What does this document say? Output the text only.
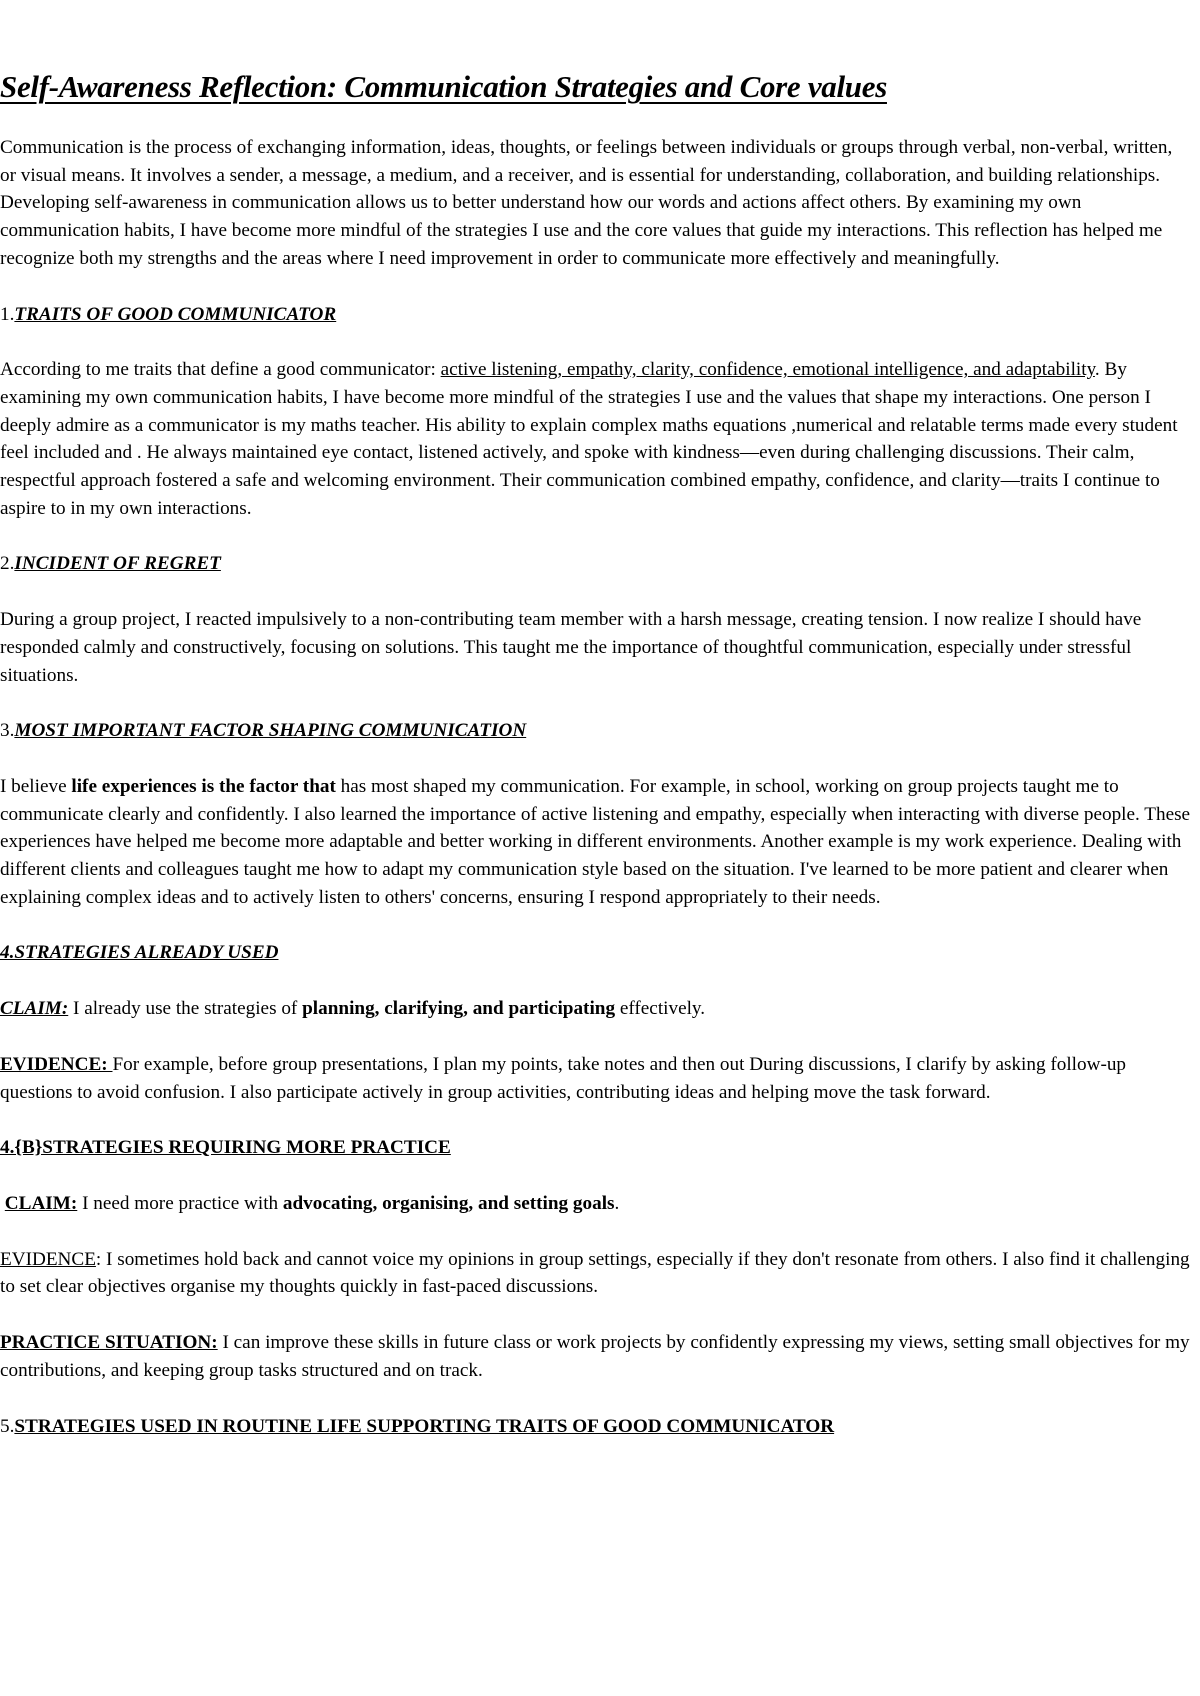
Self-Awareness Reflection: Communication Strategies and Core values

Communication is the process of exchanging information, ideas, thoughts, or feelings between individuals or groups through verbal, non-verbal, written, or visual means. It involves a sender, a message, a medium, and a receiver, and is essential for understanding, collaboration, and building relationships. Developing self-awareness in communication allows us to better understand how our words and actions affect others. By examining my own communication habits, I have become more mindful of the strategies I use and the core values that guide my interactions. This reflection has helped me recognize both my strengths and the areas where I need improvement in order to communicate more effectively and meaningfully.

1.TRAITS OF GOOD COMMUNICATOR

According to me traits that define a good communicator: active listening, empathy, clarity, confidence, emotional intelligence, and adaptability. By examining my own communication habits, I have become more mindful of the strategies I use and the values that shape my interactions. One person I deeply admire as a communicator is my maths teacher. His ability to explain complex maths equations ,numerical and relatable terms made every student feel included and . He always maintained eye contact, listened actively, and spoke with kindness—even during challenging discussions. Their calm, respectful approach fostered a safe and welcoming environment. Their communication combined empathy, confidence, and clarity—traits I continue to aspire to in my own interactions.

2.INCIDENT OF REGRET

During a group project, I reacted impulsively to a non-contributing team member with a harsh message, creating tension. I now realize I should have responded calmly and constructively, focusing on solutions. This taught me the importance of thoughtful communication, especially under stressful situations.

3.MOST IMPORTANT FACTOR SHAPING COMMUNICATION

I believe life experiences is the factor that has most shaped my communication. For example, in school, working on group projects taught me to communicate clearly and confidently. I also learned the importance of active listening and empathy, especially when interacting with diverse people. These experiences have helped me become more adaptable and better working in different environments. Another example is my work experience. Dealing with different clients and colleagues taught me how to adapt my communication style based on the situation. I've learned to be more patient and clearer when explaining complex ideas and to actively listen to others' concerns, ensuring I respond appropriately to their needs.

4.STRATEGIES ALREADY USED

CLAIM: I already use the strategies of planning, clarifying, and participating effectively.

EVIDENCE: For example, before group presentations, I plan my points, take notes and then out During discussions, I clarify by asking follow-up questions to avoid confusion. I also participate actively in group activities, contributing ideas and helping move the task forward.

4.{B}STRATEGIES REQUIRING MORE PRACTICE

CLAIM: I need more practice with advocating, organising, and setting goals.

EVIDENCE: I sometimes hold back and cannot voice my opinions in group settings, especially if they don't resonate from others. I also find it challenging to set clear objectives organise my thoughts quickly in fast-paced discussions.

PRACTICE SITUATION: I can improve these skills in future class or work projects by confidently expressing my views, setting small objectives for my contributions, and keeping group tasks structured and on track.

5.STRATEGIES USED IN ROUTINE LIFE SUPPORTING TRAITS OF GOOD COMMUNICATOR
